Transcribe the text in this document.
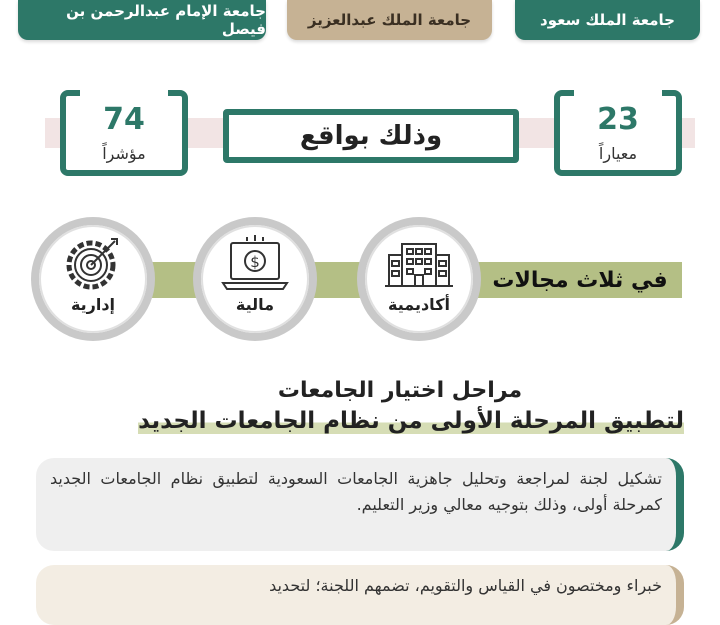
جامعة الملك سعود
جامعة الملك عبدالعزيز
جامعة الإمام عبدالرحمن بن فيصل
23
معياراً
وذلك بواقع
74
مؤشراً
في ثلاث مجالات
أكاديمية
$
مالية
إدارية
مراحل اختيار الجامعات
لتطبيق المرحلة الأولى من نظام الجامعات الجديد
تشكيل لجنة لمراجعة وتحليل جاهزية الجامعات السعودية لتطبيق نظام الجامعات الجديد كمرحلة أولى، وذلك بتوجيه معالي وزير التعليم.
خبراء ومختصون في القياس والتقويم، تضمهم اللجنة؛ لتحديد
